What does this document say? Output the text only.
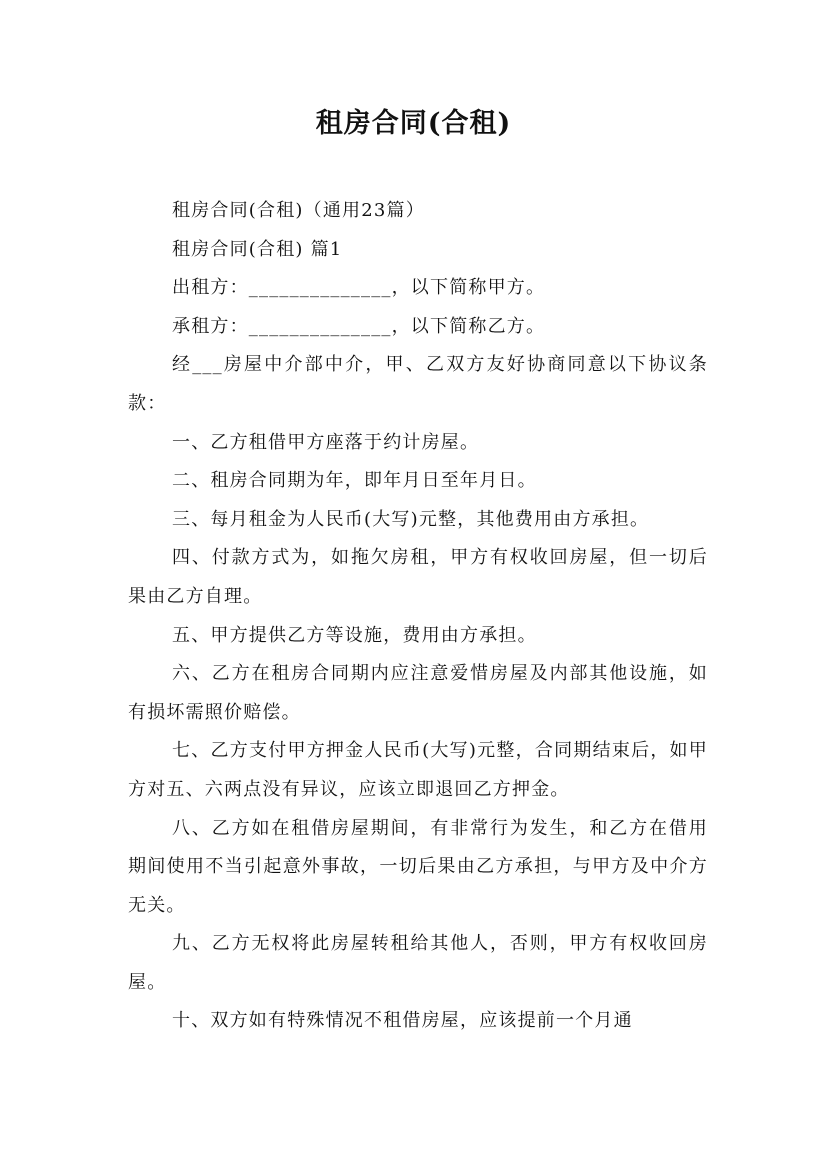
租房合同(合租)

租房合同(合租)（通用23篇）

租房合同(合租) 篇1

出租方：______________，以下简称甲方。

承租方：______________，以下简称乙方。

经___房屋中介部中介，甲、乙双方友好协商同意以下协议条款：

一、乙方租借甲方座落于约计房屋。

二、租房合同期为年，即年月日至年月日。

三、每月租金为人民币(大写)元整，其他费用由方承担。

四、付款方式为，如拖欠房租，甲方有权收回房屋，但一切后果由乙方自理。

五、甲方提供乙方等设施，费用由方承担。

六、乙方在租房合同期内应注意爱惜房屋及内部其他设施，如有损坏需照价赔偿。

七、乙方支付甲方押金人民币(大写)元整，合同期结束后，如甲方对五、六两点没有异议，应该立即退回乙方押金。

八、乙方如在租借房屋期间，有非常行为发生，和乙方在借用期间使用不当引起意外事故，一切后果由乙方承担，与甲方及中介方无关。

九、乙方无权将此房屋转租给其他人，否则，甲方有权收回房屋。

十、双方如有特殊情况不租借房屋，应该提前一个月通
